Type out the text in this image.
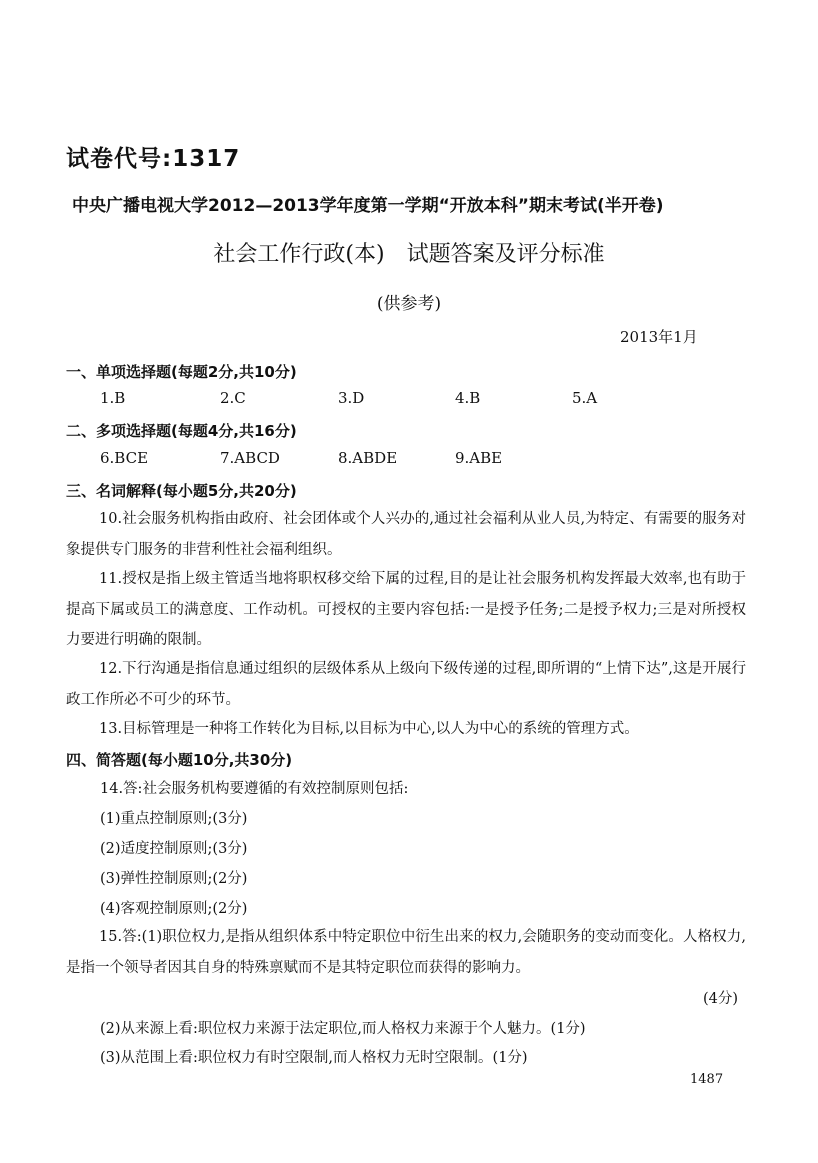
试卷代号:1317
中央广播电视大学2012—2013学年度第一学期“开放本科”期末考试(半开卷)
社会工作行政(本)　试题答案及评分标准
(供参考)
2013年1月
一、单项选择题(每题2分,共10分)
1.B	2.C	3.D	4.B	5.A
二、多项选择题(每题4分,共16分)
6.BCE	7.ABCD	8.ABDE	9.ABE
三、名词解释(每小题5分,共20分)
10.社会服务机构指由政府、社会团体或个人兴办的,通过社会福利从业人员,为特定、有需要的服务对象提供专门服务的非营利性社会福利组织。
11.授权是指上级主管适当地将职权移交给下属的过程,目的是让社会服务机构发挥最大效率,也有助于提高下属或员工的满意度、工作动机。可授权的主要内容包括:一是授予任务;二是授予权力;三是对所授权力要进行明确的限制。
12.下行沟通是指信息通过组织的层级体系从上级向下级传递的过程,即所谓的“上情下达”,这是开展行政工作所必不可少的环节。
13.目标管理是一种将工作转化为目标,以目标为中心,以人为中心的系统的管理方式。
四、简答题(每小题10分,共30分)
14.答:社会服务机构要遵循的有效控制原则包括:
(1)重点控制原则;(3分)
(2)适度控制原则;(3分)
(3)弹性控制原则;(2分)
(4)客观控制原则;(2分)
15.答:(1)职位权力,是指从组织体系中特定职位中衍生出来的权力,会随职务的变动而变化。人格权力,是指一个领导者因其自身的特殊禀赋而不是其特定职位而获得的影响力。
(4分)
(2)从来源上看:职位权力来源于法定职位,而人格权力来源于个人魅力。(1分)
(3)从范围上看:职位权力有时空限制,而人格权力无时空限制。(1分)
1487
